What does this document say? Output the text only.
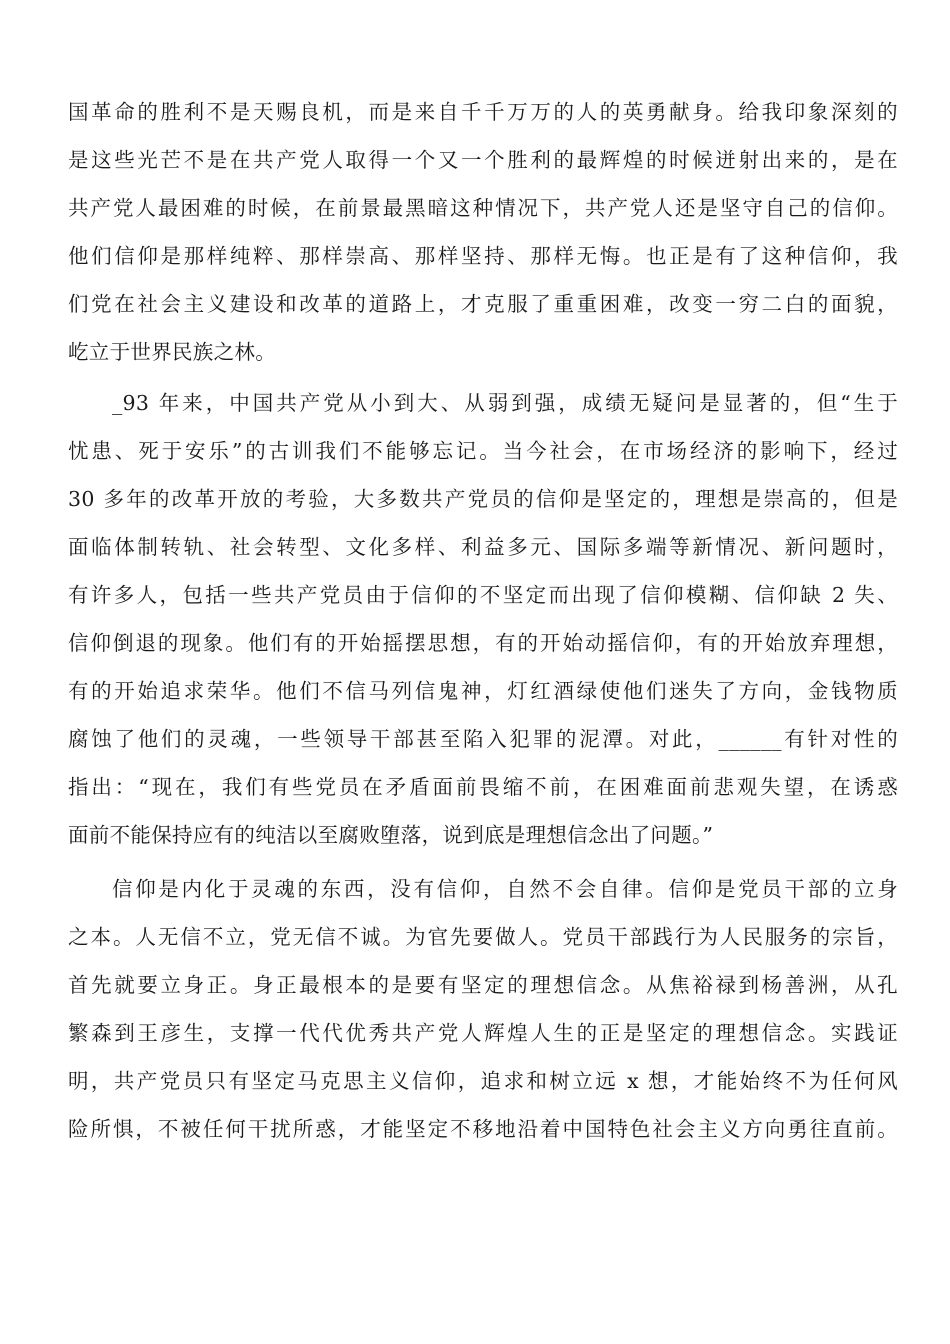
国革命的胜利不是天赐良机，而是来自千千万万的人的英勇献身。给我印象深刻的
是这些光芒不是在共产党人取得一个又一个胜利的最辉煌的时候迸射出来的，是在
共产党人最困难的时候，在前景最黑暗这种情况下，共产党人还是坚守自己的信仰。
他们信仰是那样纯粹、那样崇高、那样坚持、那样无悔。也正是有了这种信仰，我
们党在社会主义建设和改革的道路上，才克服了重重困难，改变一穷二白的面貌，
屹立于世界民族之林。
_93 年来，中国共产党从小到大、从弱到强，成绩无疑问是显著的，但“生于
忧患、死于安乐”的古训我们不能够忘记。当今社会，在市场经济的影响下，经过
30 多年的改革开放的考验，大多数共产党员的信仰是坚定的，理想是崇高的，但是
面临体制转轨、社会转型、文化多样、利益多元、国际多端等新情况、新问题时，
有许多人，包括一些共产党员由于信仰的不坚定而出现了信仰模糊、信仰缺 2 失、
信仰倒退的现象。他们有的开始摇摆思想，有的开始动摇信仰，有的开始放弃理想，
有的开始追求荣华。他们不信马列信鬼神，灯红酒绿使他们迷失了方向，金钱物质
腐蚀了他们的灵魂，一些领导干部甚至陷入犯罪的泥潭。对此，______有针对性的
指出：“现在，我们有些党员在矛盾面前畏缩不前，在困难面前悲观失望，在诱惑
面前不能保持应有的纯洁以至腐败堕落，说到底是理想信念出了问题。”
信仰是内化于灵魂的东西，没有信仰，自然不会自律。信仰是党员干部的立身
之本。人无信不立，党无信不诚。为官先要做人。党员干部践行为人民服务的宗旨，
首先就要立身正。身正最根本的是要有坚定的理想信念。从焦裕禄到杨善洲，从孔
繁森到王彦生，支撑一代代优秀共产党人辉煌人生的正是坚定的理想信念。实践证
明，共产党员只有坚定马克思主义信仰，追求和树立远 x 想，才能始终不为任何风
险所惧，不被任何干扰所惑，才能坚定不移地沿着中国特色社会主义方向勇往直前。
